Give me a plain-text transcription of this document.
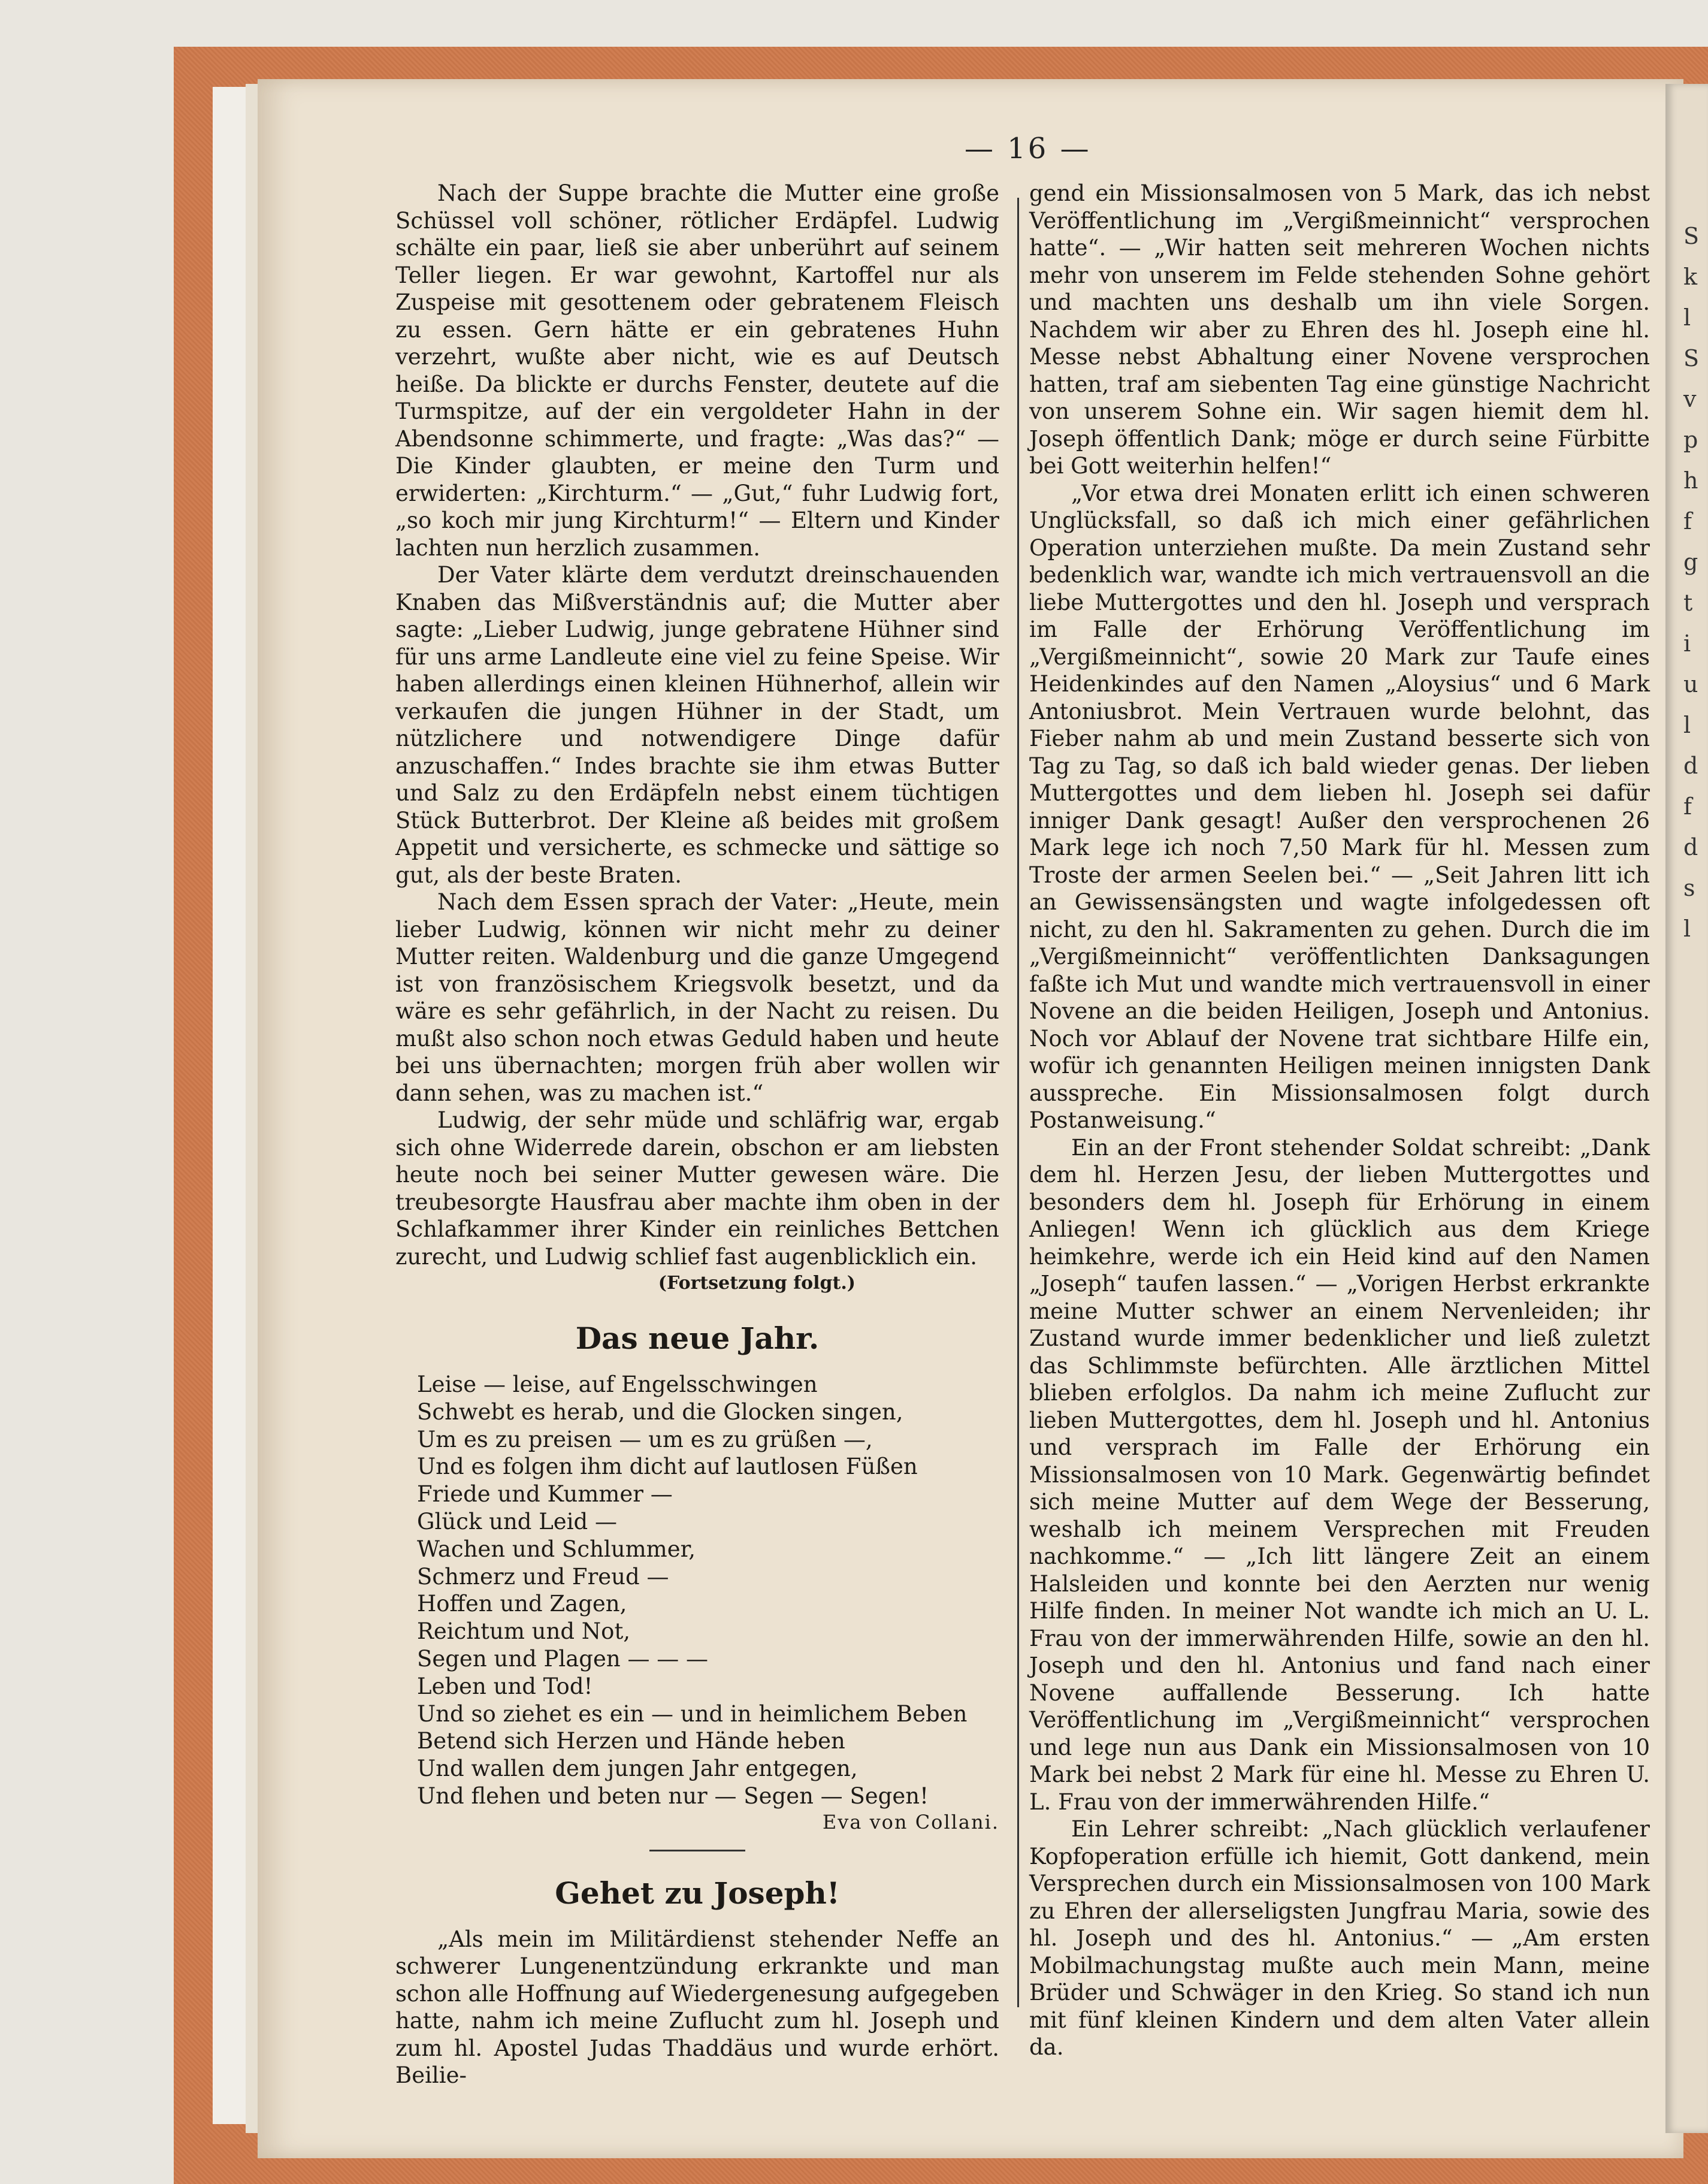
S
k
l
S
v
p
h
f
g
t
i
u
l
d
f
d
s
l
— 16 —

Nach der Suppe brachte die Mutter eine große Schüssel voll schöner, rötlicher Erdäpfel. Ludwig schälte ein paar, ließ sie aber unberührt auf seinem Teller liegen. Er war gewohnt, Kartoffel nur als Zuspeise mit gesottenem oder gebratenem Fleisch zu essen. Gern hätte er ein gebratenes Huhn verzehrt, wußte aber nicht, wie es auf Deutsch heiße. Da blickte er durchs Fenster, deutete auf die Turmspitze, auf der ein vergoldeter Hahn in der Abendsonne schimmerte, und fragte: „Was das?“ — Die Kinder glaubten, er meine den Turm und erwiderten: „Kirchturm.“ — „Gut,“ fuhr Ludwig fort, „so koch mir jung Kirchturm!“ — Eltern und Kinder lachten nun herzlich zusammen.

Der Vater klärte dem verdutzt dreinschauenden Knaben das Mißverständnis auf; die Mutter aber sagte: „Lieber Ludwig, junge gebratene Hühner sind für uns arme Landleute eine viel zu feine Speise. Wir haben allerdings einen kleinen Hühnerhof, allein wir verkaufen die jungen Hühner in der Stadt, um nützlichere und notwendigere Dinge dafür anzuschaffen.“ Indes brachte sie ihm etwas Butter und Salz zu den Erdäpfeln nebst einem tüchtigen Stück Butterbrot. Der Kleine aß beides mit großem Appetit und versicherte, es schmecke und sättige so gut, als der beste Braten.

Nach dem Essen sprach der Vater: „Heute, mein lieber Ludwig, können wir nicht mehr zu deiner Mutter reiten. Waldenburg und die ganze Umgegend ist von französischem Kriegsvolk besetzt, und da wäre es sehr gefährlich, in der Nacht zu reisen. Du mußt also schon noch etwas Geduld haben und heute bei uns übernachten; morgen früh aber wollen wir dann sehen, was zu machen ist.“

Ludwig, der sehr müde und schläfrig war, ergab sich ohne Widerrede darein, obschon er am liebsten heute noch bei seiner Mutter gewesen wäre. Die treubesorgte Hausfrau aber machte ihm oben in der Schlafkammer ihrer Kinder ein reinliches Bettchen zurecht, und Ludwig schlief fast augenblicklich ein.

(Fortsetzung folgt.)
Das neue Jahr.
Leise — leise, auf Engelsschwingen
Schwebt es herab, und die Glocken singen,
Um es zu preisen — um es zu grüßen —,
Und es folgen ihm dicht auf lautlosen Füßen
Friede und Kummer —
Glück und Leid —
Wachen und Schlummer,
Schmerz und Freud —
Hoffen und Zagen,
Reichtum und Not,
Segen und Plagen — — —
Leben und Tod!
Und so ziehet es ein — und in heimlichem Beben
Betend sich Herzen und Hände heben
Und wallen dem jungen Jahr entgegen,
Und flehen und beten nur — Segen — Segen!
Eva von Collani.
Gehet zu Joseph!

„Als mein im Militärdienst stehender Neffe an schwerer Lungenentzündung erkrankte und man schon alle Hoffnung auf Wiedergenesung aufgegeben hatte, nahm ich meine Zuflucht zum hl. Joseph und zum hl. Apostel Judas Thaddäus und wurde erhört. Beilie-

gend ein Missionsalmosen von 5 Mark, das ich nebst Veröffentlichung im „Vergißmeinnicht“ versprochen hatte“. — „Wir hatten seit mehreren Wochen nichts mehr von unserem im Felde stehenden Sohne gehört und machten uns deshalb um ihn viele Sorgen. Nachdem wir aber zu Ehren des hl. Joseph eine hl. Messe nebst Abhaltung einer Novene versprochen hatten, traf am siebenten Tag eine günstige Nachricht von unserem Sohne ein. Wir sagen hiemit dem hl. Joseph öffentlich Dank; möge er durch seine Fürbitte bei Gott weiterhin helfen!“

„Vor etwa drei Monaten erlitt ich einen schweren Unglücksfall, so daß ich mich einer gefährlichen Operation unterziehen mußte. Da mein Zustand sehr bedenklich war, wandte ich mich vertrauensvoll an die liebe Muttergottes und den hl. Joseph und versprach im Falle der Erhörung Veröffentlichung im „Vergißmeinnicht“, sowie 20 Mark zur Taufe eines Heidenkindes auf den Namen „Aloysius“ und 6 Mark Antoniusbrot. Mein Vertrauen wurde belohnt, das Fieber nahm ab und mein Zustand besserte sich von Tag zu Tag, so daß ich bald wieder genas. Der lieben Muttergottes und dem lieben hl. Joseph sei dafür inniger Dank gesagt! Außer den versprochenen 26 Mark lege ich noch 7,50 Mark für hl. Messen zum Troste der armen Seelen bei.“ — „Seit Jahren litt ich an Gewissensängsten und wagte infolgedessen oft nicht, zu den hl. Sakramenten zu gehen. Durch die im „Vergißmeinnicht“ veröffentlichten Danksagungen faßte ich Mut und wandte mich vertrauensvoll in einer Novene an die beiden Heiligen, Joseph und Antonius. Noch vor Ablauf der Novene trat sichtbare Hilfe ein, wofür ich genannten Heiligen meinen innigsten Dank ausspreche. Ein Missionsalmosen folgt durch Postanweisung.“

Ein an der Front stehender Soldat schreibt: „Dank dem hl. Herzen Jesu, der lieben Muttergottes und besonders dem hl. Joseph für Erhörung in einem Anliegen! Wenn ich glücklich aus dem Kriege heimkehre, werde ich ein Heid kind auf den Namen „Joseph“ taufen lassen.“ — „Vorigen Herbst erkrankte meine Mutter schwer an einem Nervenleiden; ihr Zustand wurde immer bedenklicher und ließ zuletzt das Schlimmste befürchten. Alle ärztlichen Mittel blieben erfolglos. Da nahm ich meine Zuflucht zur lieben Muttergottes, dem hl. Joseph und hl. Antonius und versprach im Falle der Erhörung ein Missionsalmosen von 10 Mark. Gegenwärtig befindet sich meine Mutter auf dem Wege der Besserung, weshalb ich meinem Versprechen mit Freuden nachkomme.“ — „Ich litt längere Zeit an einem Halsleiden und konnte bei den Aerzten nur wenig Hilfe finden. In meiner Not wandte ich mich an U. L. Frau von der immerwährenden Hilfe, sowie an den hl. Joseph und den hl. Antonius und fand nach einer Novene auffallende Besserung. Ich hatte Veröffentlichung im „Vergißmeinnicht“ versprochen und lege nun aus Dank ein Missionsalmosen von 10 Mark bei nebst 2 Mark für eine hl. Messe zu Ehren U. L. Frau von der immerwährenden Hilfe.“

Ein Lehrer schreibt: „Nach glücklich verlaufener Kopfoperation erfülle ich hiemit, Gott dankend, mein Versprechen durch ein Missionsalmosen von 100 Mark zu Ehren der allerseligsten Jungfrau Maria, sowie des hl. Joseph und des hl. Antonius.“ — „Am ersten Mobilmachungstag mußte auch mein Mann, meine Brüder und Schwäger in den Krieg. So stand ich nun mit fünf kleinen Kindern und dem alten Vater allein da.
